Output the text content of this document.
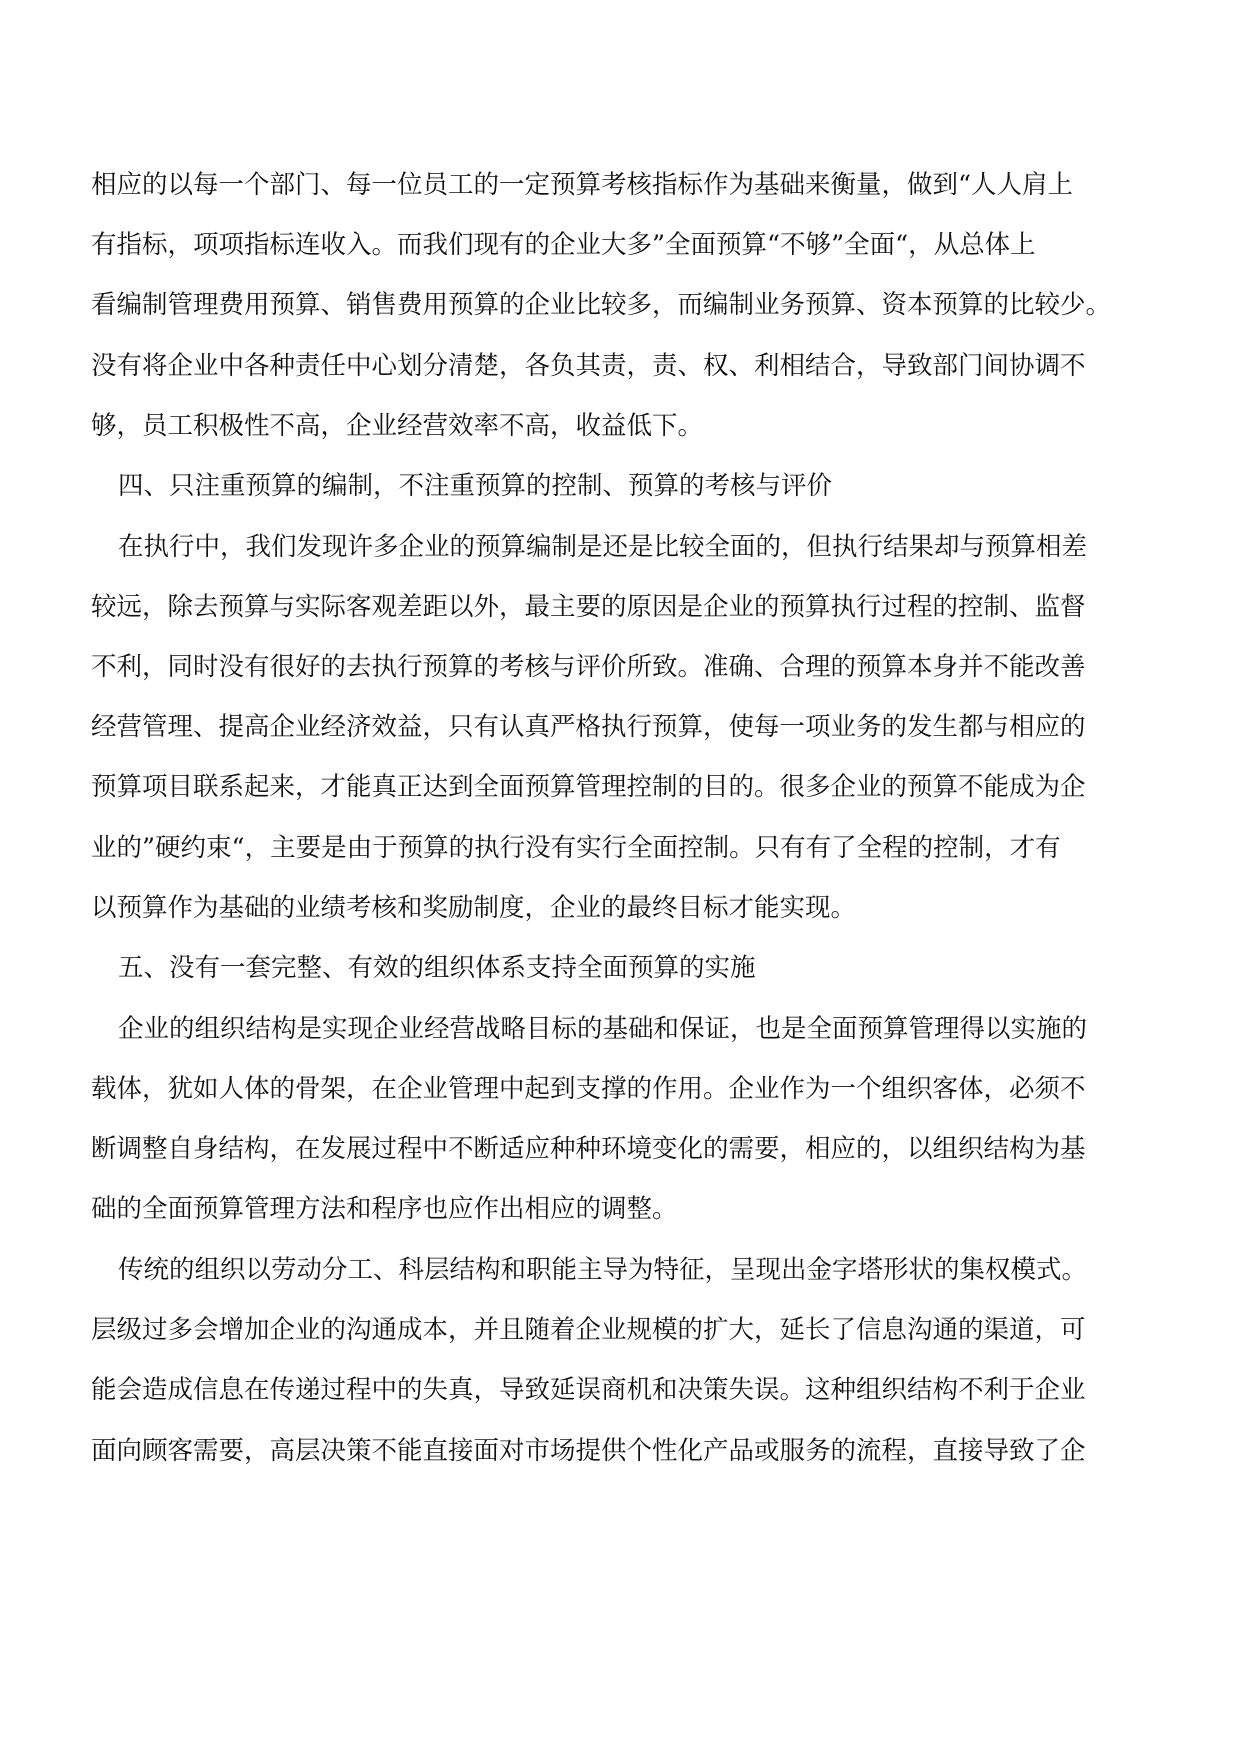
相应的以每一个部门、每一位员工的一定预算考核指标作为基础来衡量，做到“人人肩上
有指标，项项指标连收入。而我们现有的企业大多”全面预算“不够”全面“，从总体上
看编制管理费用预算、销售费用预算的企业比较多，而编制业务预算、资本预算的比较少。
没有将企业中各种责任中心划分清楚，各负其责，责、权、利相结合，导致部门间协调不
够，员工积极性不高，企业经营效率不高，收益低下。
四、只注重预算的编制，不注重预算的控制、预算的考核与评价
在执行中，我们发现许多企业的预算编制是还是比较全面的，但执行结果却与预算相差
较远，除去预算与实际客观差距以外，最主要的原因是企业的预算执行过程的控制、监督
不利，同时没有很好的去执行预算的考核与评价所致。准确、合理的预算本身并不能改善
经营管理、提高企业经济效益，只有认真严格执行预算，使每一项业务的发生都与相应的
预算项目联系起来，才能真正达到全面预算管理控制的目的。很多企业的预算不能成为企
业的”硬约束“，主要是由于预算的执行没有实行全面控制。只有有了全程的控制，才有
以预算作为基础的业绩考核和奖励制度，企业的最终目标才能实现。
五、没有一套完整、有效的组织体系支持全面预算的实施
企业的组织结构是实现企业经营战略目标的基础和保证，也是全面预算管理得以实施的
载体，犹如人体的骨架，在企业管理中起到支撑的作用。企业作为一个组织客体，必须不
断调整自身结构，在发展过程中不断适应种种环境变化的需要，相应的，以组织结构为基
础的全面预算管理方法和程序也应作出相应的调整。
传统的组织以劳动分工、科层结构和职能主导为特征，呈现出金字塔形状的集权模式。
层级过多会增加企业的沟通成本，并且随着企业规模的扩大，延长了信息沟通的渠道，可
能会造成信息在传递过程中的失真，导致延误商机和决策失误。这种组织结构不利于企业
面向顾客需要，高层决策不能直接面对市场提供个性化产品或服务的流程，直接导致了企
